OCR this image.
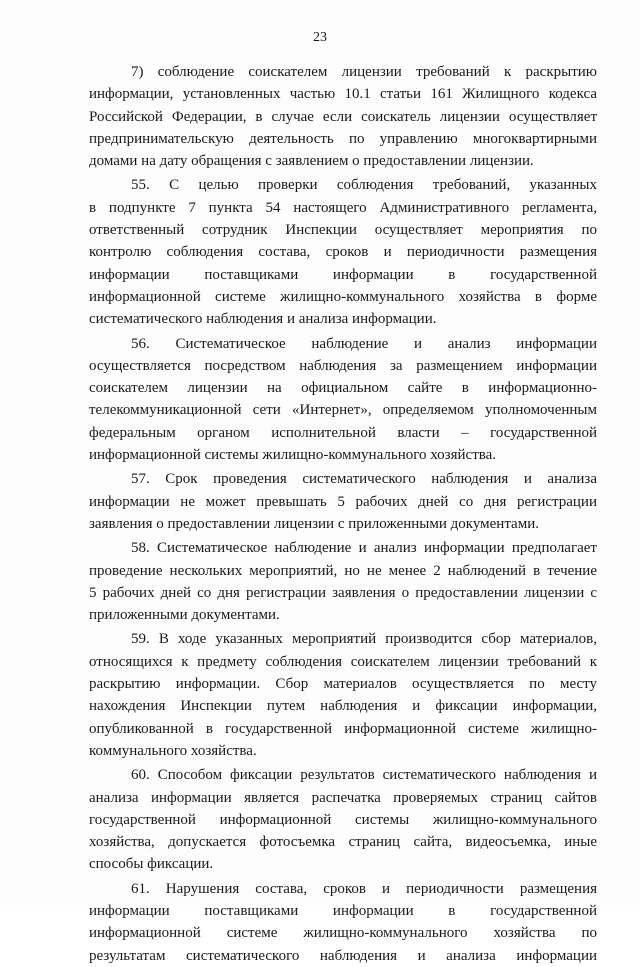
23
7) соблюдение соискателем лицензии требований к раскрытию
информации, установленных частью 10.1 статьи 161 Жилищного кодекса
Российской Федерации, в случае если соискатель лицензии осуществляет
предпринимательскую деятельность по управлению многоквартирными
домами на дату обращения с заявлением о предоставлении лицензии.
55. С целью проверки соблюдения требований, указанных
в подпункте 7 пункта 54 настоящего Административного регламента,
ответственный сотрудник Инспекции осуществляет мероприятия по
контролю соблюдения состава, сроков и периодичности размещения
информации поставщиками информации в государственной
информационной системе жилищно-коммунального хозяйства в форме
систематического наблюдения и анализа информации.
56. Систематическое наблюдение и анализ информации
осуществляется посредством наблюдения за размещением информации
соискателем лицензии на официальном сайте в информационно-
телекоммуникационной сети «Интернет», определяемом уполномоченным
федеральным органом исполнительной власти – государственной
информационной системы жилищно-коммунального хозяйства.
57. Срок проведения систематического наблюдения и анализа
информации не может превышать 5 рабочих дней со дня регистрации
заявления о предоставлении лицензии с приложенными документами.
58. Систематическое наблюдение и анализ информации предполагает
проведение нескольких мероприятий, но не менее 2 наблюдений в течение
5 рабочих дней со дня регистрации заявления о предоставлении лицензии с
приложенными документами.
59. В ходе указанных мероприятий производится сбор материалов,
относящихся к предмету соблюдения соискателем лицензии требований к
раскрытию информации. Сбор материалов осуществляется по месту
нахождения Инспекции путем наблюдения и фиксации информации,
опубликованной в государственной информационной системе жилищно-
коммунального хозяйства.
60. Способом фиксации результатов систематического наблюдения и
анализа информации является распечатка проверяемых страниц сайтов
государственной информационной системы жилищно-коммунального
хозяйства, допускается фотосъемка страниц сайта, видеосъемка, иные
способы фиксации.
61. Нарушения состава, сроков и периодичности размещения
информации поставщиками информации в государственной
информационной системе жилищно-коммунального хозяйства по
результатам систематического наблюдения и анализа информации
